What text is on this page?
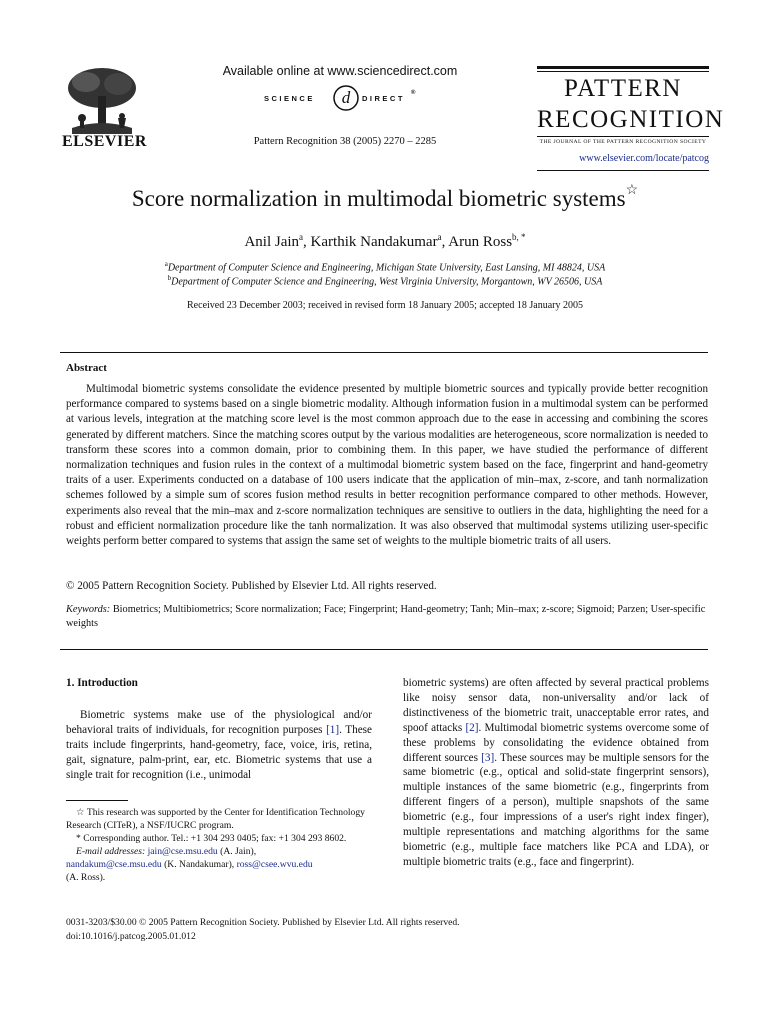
ELSEVIER
Available online at www.sciencedirect.com
SCIENCE d DIRECT
®
Pattern Recognition 38 (2005) 2270 – 2285
PATTERN
RECOGNITION
THE JOURNAL OF THE PATTERN RECOGNITION SOCIETY
www.elsevier.com/locate/patcog
Score normalization in multimodal biometric systems☆
Anil Jain$^a$, Karthik Nandakumar$^a$, Arun Ross$^{b, *}$
$^a$Department of Computer Science and Engineering, Michigan State University, East Lansing, MI 48824, USA
$^b$Department of Computer Science and Engineering, West Virginia University, Morgantown, WV 26506, USA
Received 23 December 2003; received in revised form 18 January 2005; accepted 18 January 2005
Abstract
Multimodal biometric systems consolidate the evidence presented by multiple biometric sources and typically provide better recognition performance compared to systems based on a single biometric modality. Although information fusion in a multimodal system can be performed at various levels, integration at the matching score level is the most common approach due to the ease in accessing and combining the scores generated by different matchers. Since the matching scores output by the various modalities are heterogeneous, score normalization is needed to transform these scores into a common domain, prior to combining them. In this paper, we have studied the performance of different normalization techniques and fusion rules in the context of a multimodal biometric system based on the face, fingerprint and hand-geometry traits of a user. Experiments conducted on a database of 100 users indicate that the application of min–max, z-score, and tanh normalization schemes followed by a simple sum of scores fusion method results in better recognition performance compared to other methods. However, experiments also reveal that the min–max and z-score normalization techniques are sensitive to outliers in the data, highlighting the need for a robust and efficient normalization procedure like the tanh normalization. It was also observed that multimodal systems utilizing user-specific weights perform better compared to systems that assign the same set of weights to the multiple biometric traits of all users.
© 2005 Pattern Recognition Society. Published by Elsevier Ltd. All rights reserved.
Keywords: Biometrics; Multibiometrics; Score normalization; Face; Fingerprint; Hand-geometry; Tanh; Min–max; z-score; Sigmoid; Parzen; User-specific weights
1. Introduction
Biometric systems make use of the physiological and/or behavioral traits of individuals, for recognition purposes [1]. These traits include fingerprints, hand-geometry, face, voice, iris, retina, gait, signature, palm-print, ear, etc. Biometric systems that use a single trait for recognition (i.e., unimodal
☆ This research was supported by the Center for Identification Technology Research (CITeR), a NSF/IUCRC program.
* Corresponding author. Tel.: +1 304 293 0405; fax: +1 304 293 8602.
E-mail addresses: jain@cse.msu.edu (A. Jain),
nandakum@cse.msu.edu (K. Nandakumar), ross@csee.wvu.edu
(A. Ross).
biometric systems) are often affected by several practical problems like noisy sensor data, non-universality and/or lack of distinctiveness of the biometric trait, unacceptable error rates, and spoof attacks [2]. Multimodal biometric systems overcome some of these problems by consolidating the evidence obtained from different sources [3]. These sources may be multiple sensors for the same biometric (e.g., optical and solid-state fingerprint sensors), multiple instances of the same biometric (e.g., fingerprints from different fingers of a person), multiple snapshots of the same biometric (e.g., four impressions of a user's right index finger), multiple representations and matching algorithms for the same biometric (e.g., multiple face matchers like PCA and LDA), or multiple biometric traits (e.g., face and fingerprint).
0031-3203/$30.00 © 2005 Pattern Recognition Society. Published by Elsevier Ltd. All rights reserved.
doi:10.1016/j.patcog.2005.01.012
